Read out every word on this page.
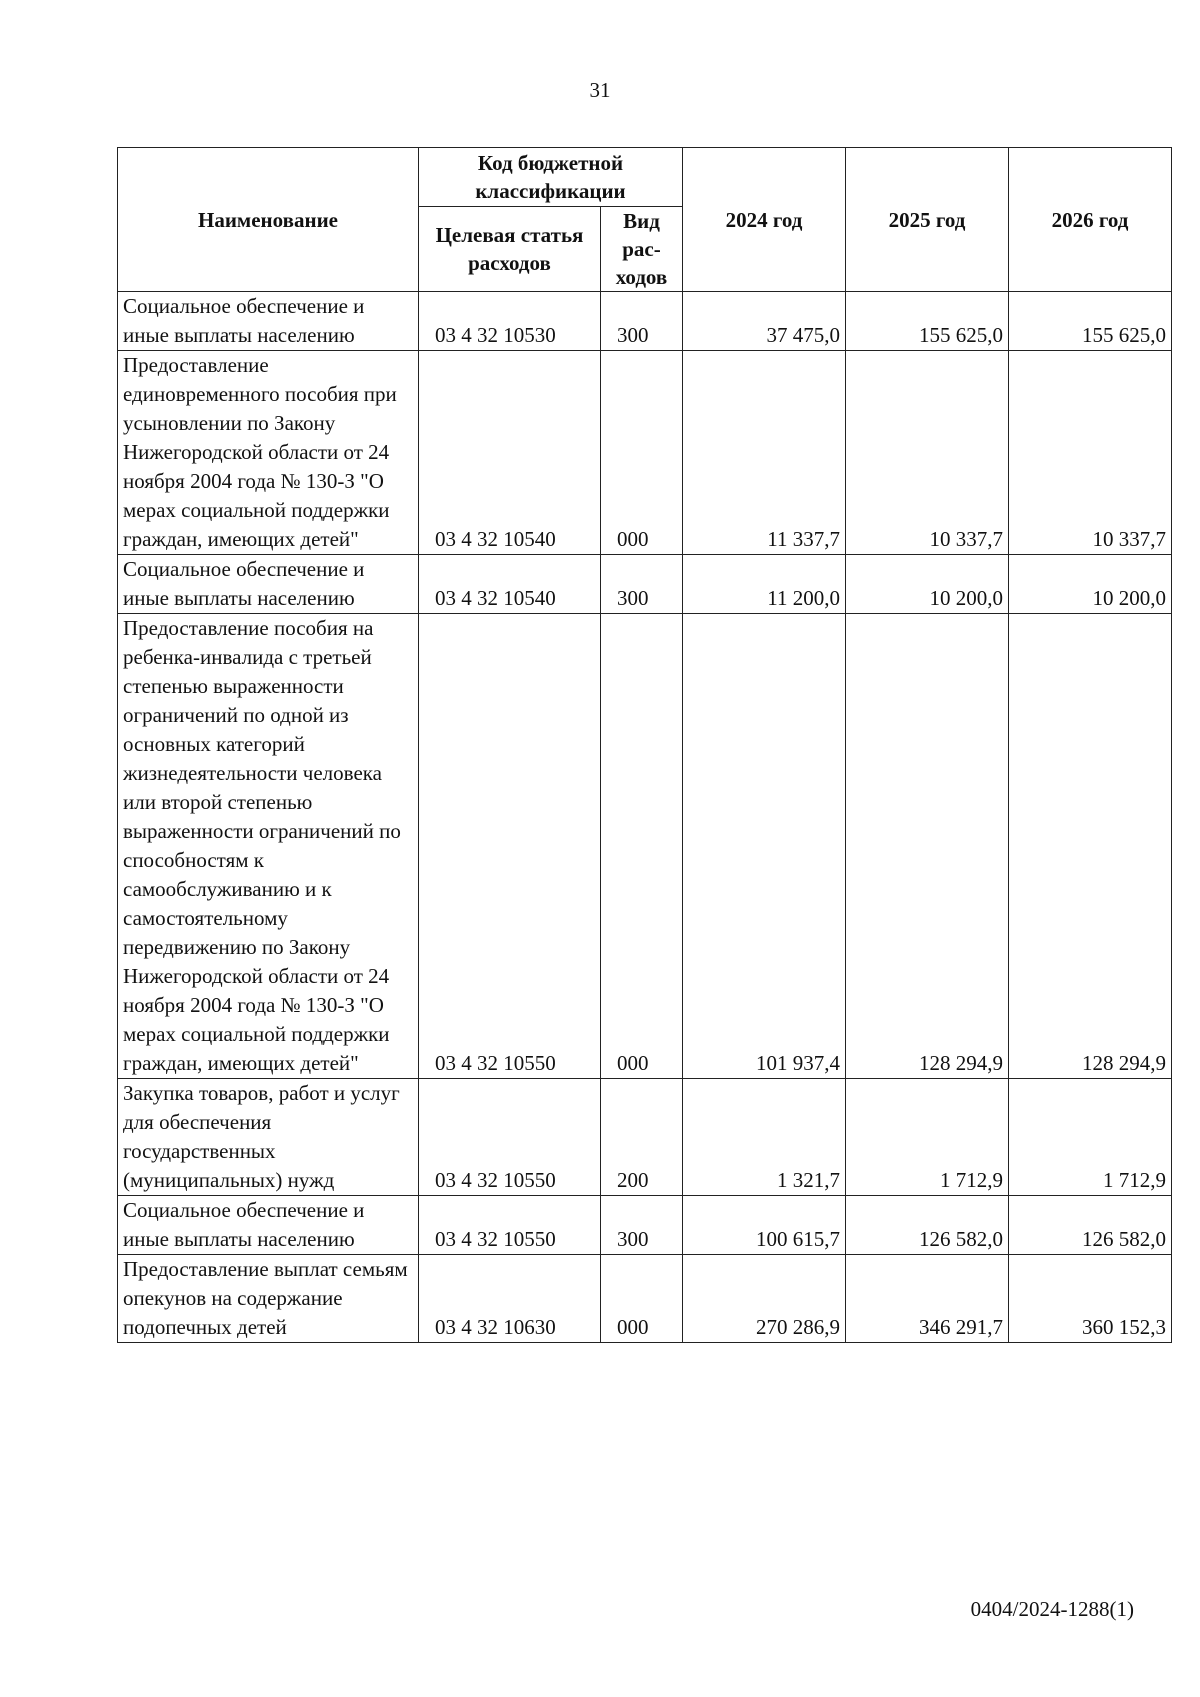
31
Наименование	Код бюджетной классификации		2024 год	2025 год	2026 год
	Целевая статья расходов	Вид рас-ходов			
Социальное обеспечение и иные выплаты населению	03 4 32 10530	300	37 475,0	155 625,0	155 625,0
Предоставление единовременного пособия при усыновлении по Закону Нижегородской области от 24 ноября 2004 года № 130-З "О мерах социальной поддержки граждан, имеющих детей"	03 4 32 10540	000	11 337,7	10 337,7	10 337,7
Социальное обеспечение и иные выплаты населению	03 4 32 10540	300	11 200,0	10 200,0	10 200,0
Предоставление пособия на ребенка-инвалида с третьей степенью выраженности ограничений по одной из основных категорий жизнедеятельности человека или второй степенью выраженности ограничений по способностям к самообслуживанию и к самостоятельному передвижению по Закону Нижегородской области от 24 ноября 2004 года № 130-З "О мерах социальной поддержки граждан, имеющих детей"	03 4 32 10550	000	101 937,4	128 294,9	128 294,9
Закупка товаров, работ и услуг для обеспечения государственных (муниципальных) нужд	03 4 32 10550	200	1 321,7	1 712,9	1 712,9
Социальное обеспечение и иные выплаты населению	03 4 32 10550	300	100 615,7	126 582,0	126 582,0
Предоставление выплат семьям опекунов на содержание подопечных детей	03 4 32 10630	000	270 286,9	346 291,7	360 152,3
0404/2024-1288(1)
